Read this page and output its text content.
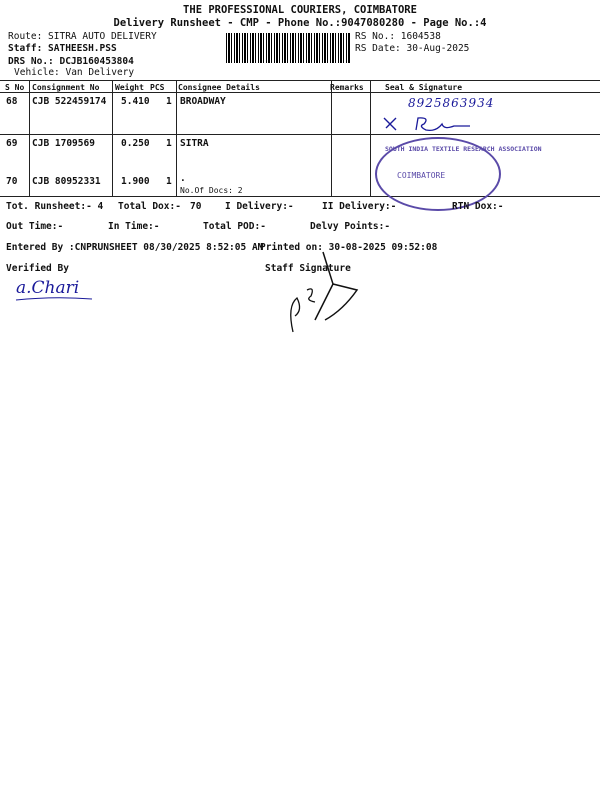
THE PROFESSIONAL COURIERS, COIMBATORE
Delivery Runsheet - CMP - Phone No.:9047080280 - Page No.:4
Route: SITRA AUTO DELIVERY
Staff: SATHEESH.PSS
DRS No.: DCJB160453804
Vehicle: Van Delivery
RS No.: 1604538
RS Date: 30-Aug-2025
S No Consignment No Weight PCS Consignee Details	Remarks	Seal & Signature
68 CJB 522459174 5.410 1 BROADWAY
69 CJB 1709569	0.250 1 SITRA
70 CJB 80952331 1.900 1 .
No.Of Docs: 2
8925863934
SOUTH INDIA TEXTILE RESEARCH ASSOCIATION
COIMBATORE
Tot. Runsheet:- 4 Total Dox:- 70 I Delivery:-	II Delivery:-	RTN Dox:-
Out Time:-	In Time:-	Total POD:-	Delvy Points:-
Entered By :CNPRUNSHEET 08/30/2025 8:52:05 AM
Printed on: 30-08-2025 09:52:08
Verified By	Staff Signature
a.Chari
